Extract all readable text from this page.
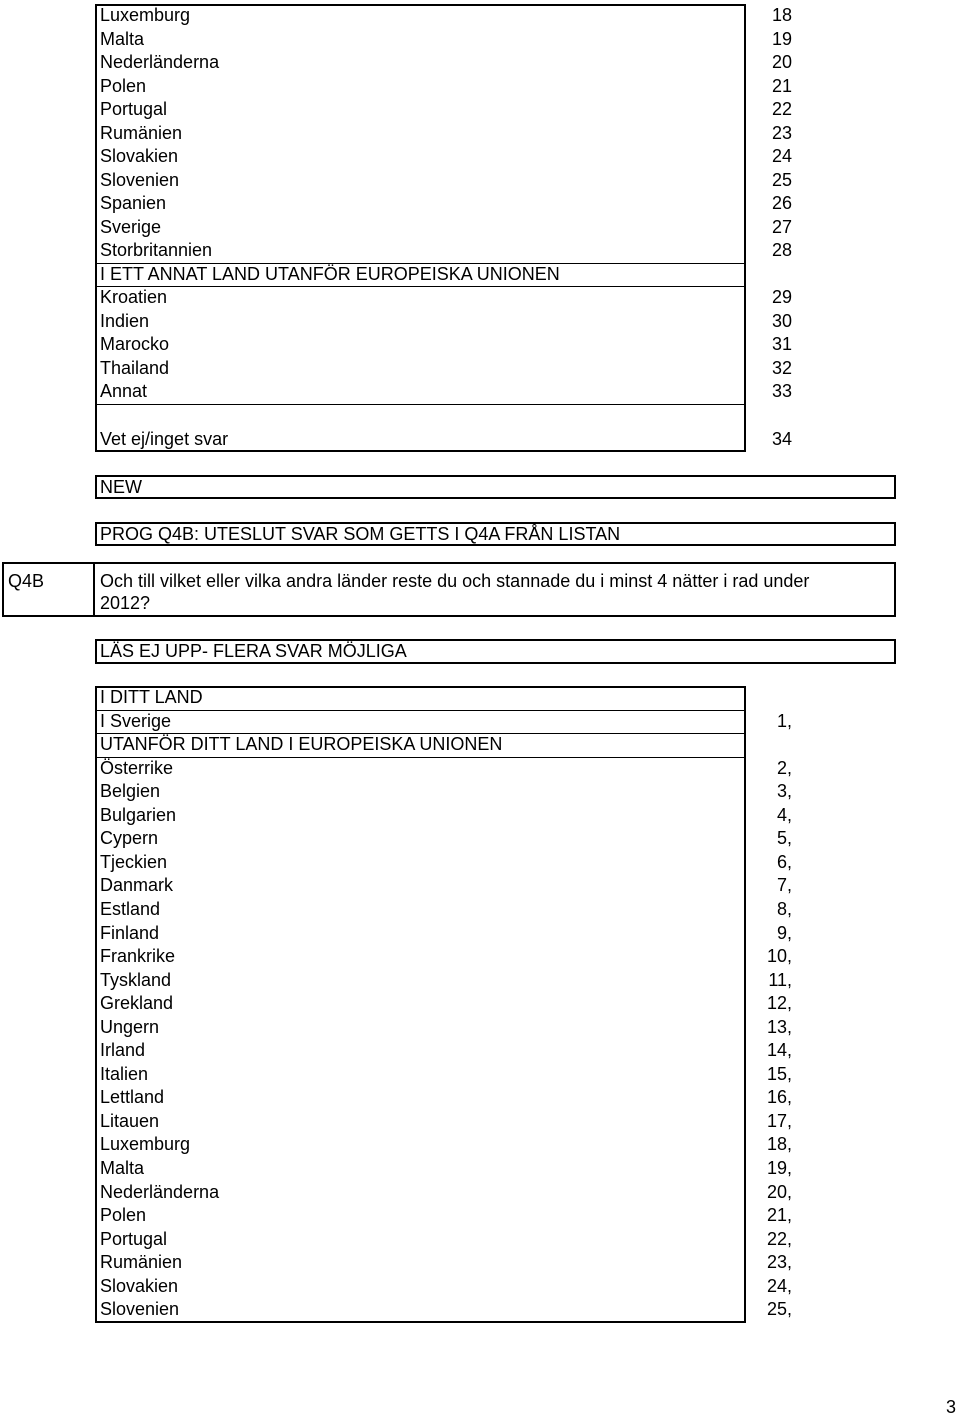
Luxemburg	18
Malta	19
Nederländerna	20
Polen	21
Portugal	22
Rumänien	23
Slovakien	24
Slovenien	25
Spanien	26
Sverige	27
Storbritannien	28
I ETT ANNAT LAND UTANFÖR EUROPEISKA UNIONEN
Kroatien	29
Indien	30
Marocko	31
Thailand	32
Annat	33
Vet ej/inget svar	34
NEW
PROG Q4B: UTESLUT SVAR SOM GETTS I Q4A FRÅN LISTAN
Q4B	Och till vilket eller vilka andra länder reste du och stannade du i minst 4 nätter i rad under
2012?
LÄS EJ UPP- FLERA SVAR MÖJLIGA
I DITT LAND
I Sverige	1,
UTANFÖR DITT LAND I EUROPEISKA UNIONEN
Österrike	2,
Belgien	3,
Bulgarien	4,
Cypern	5,
Tjeckien	6,
Danmark	7,
Estland	8,
Finland	9,
Frankrike	10,
Tyskland	11,
Grekland	12,
Ungern	13,
Irland	14,
Italien	15,
Lettland	16,
Litauen	17,
Luxemburg	18,
Malta	19,
Nederländerna	20,
Polen	21,
Portugal	22,
Rumänien	23,
Slovakien	24,
Slovenien	25,
3
